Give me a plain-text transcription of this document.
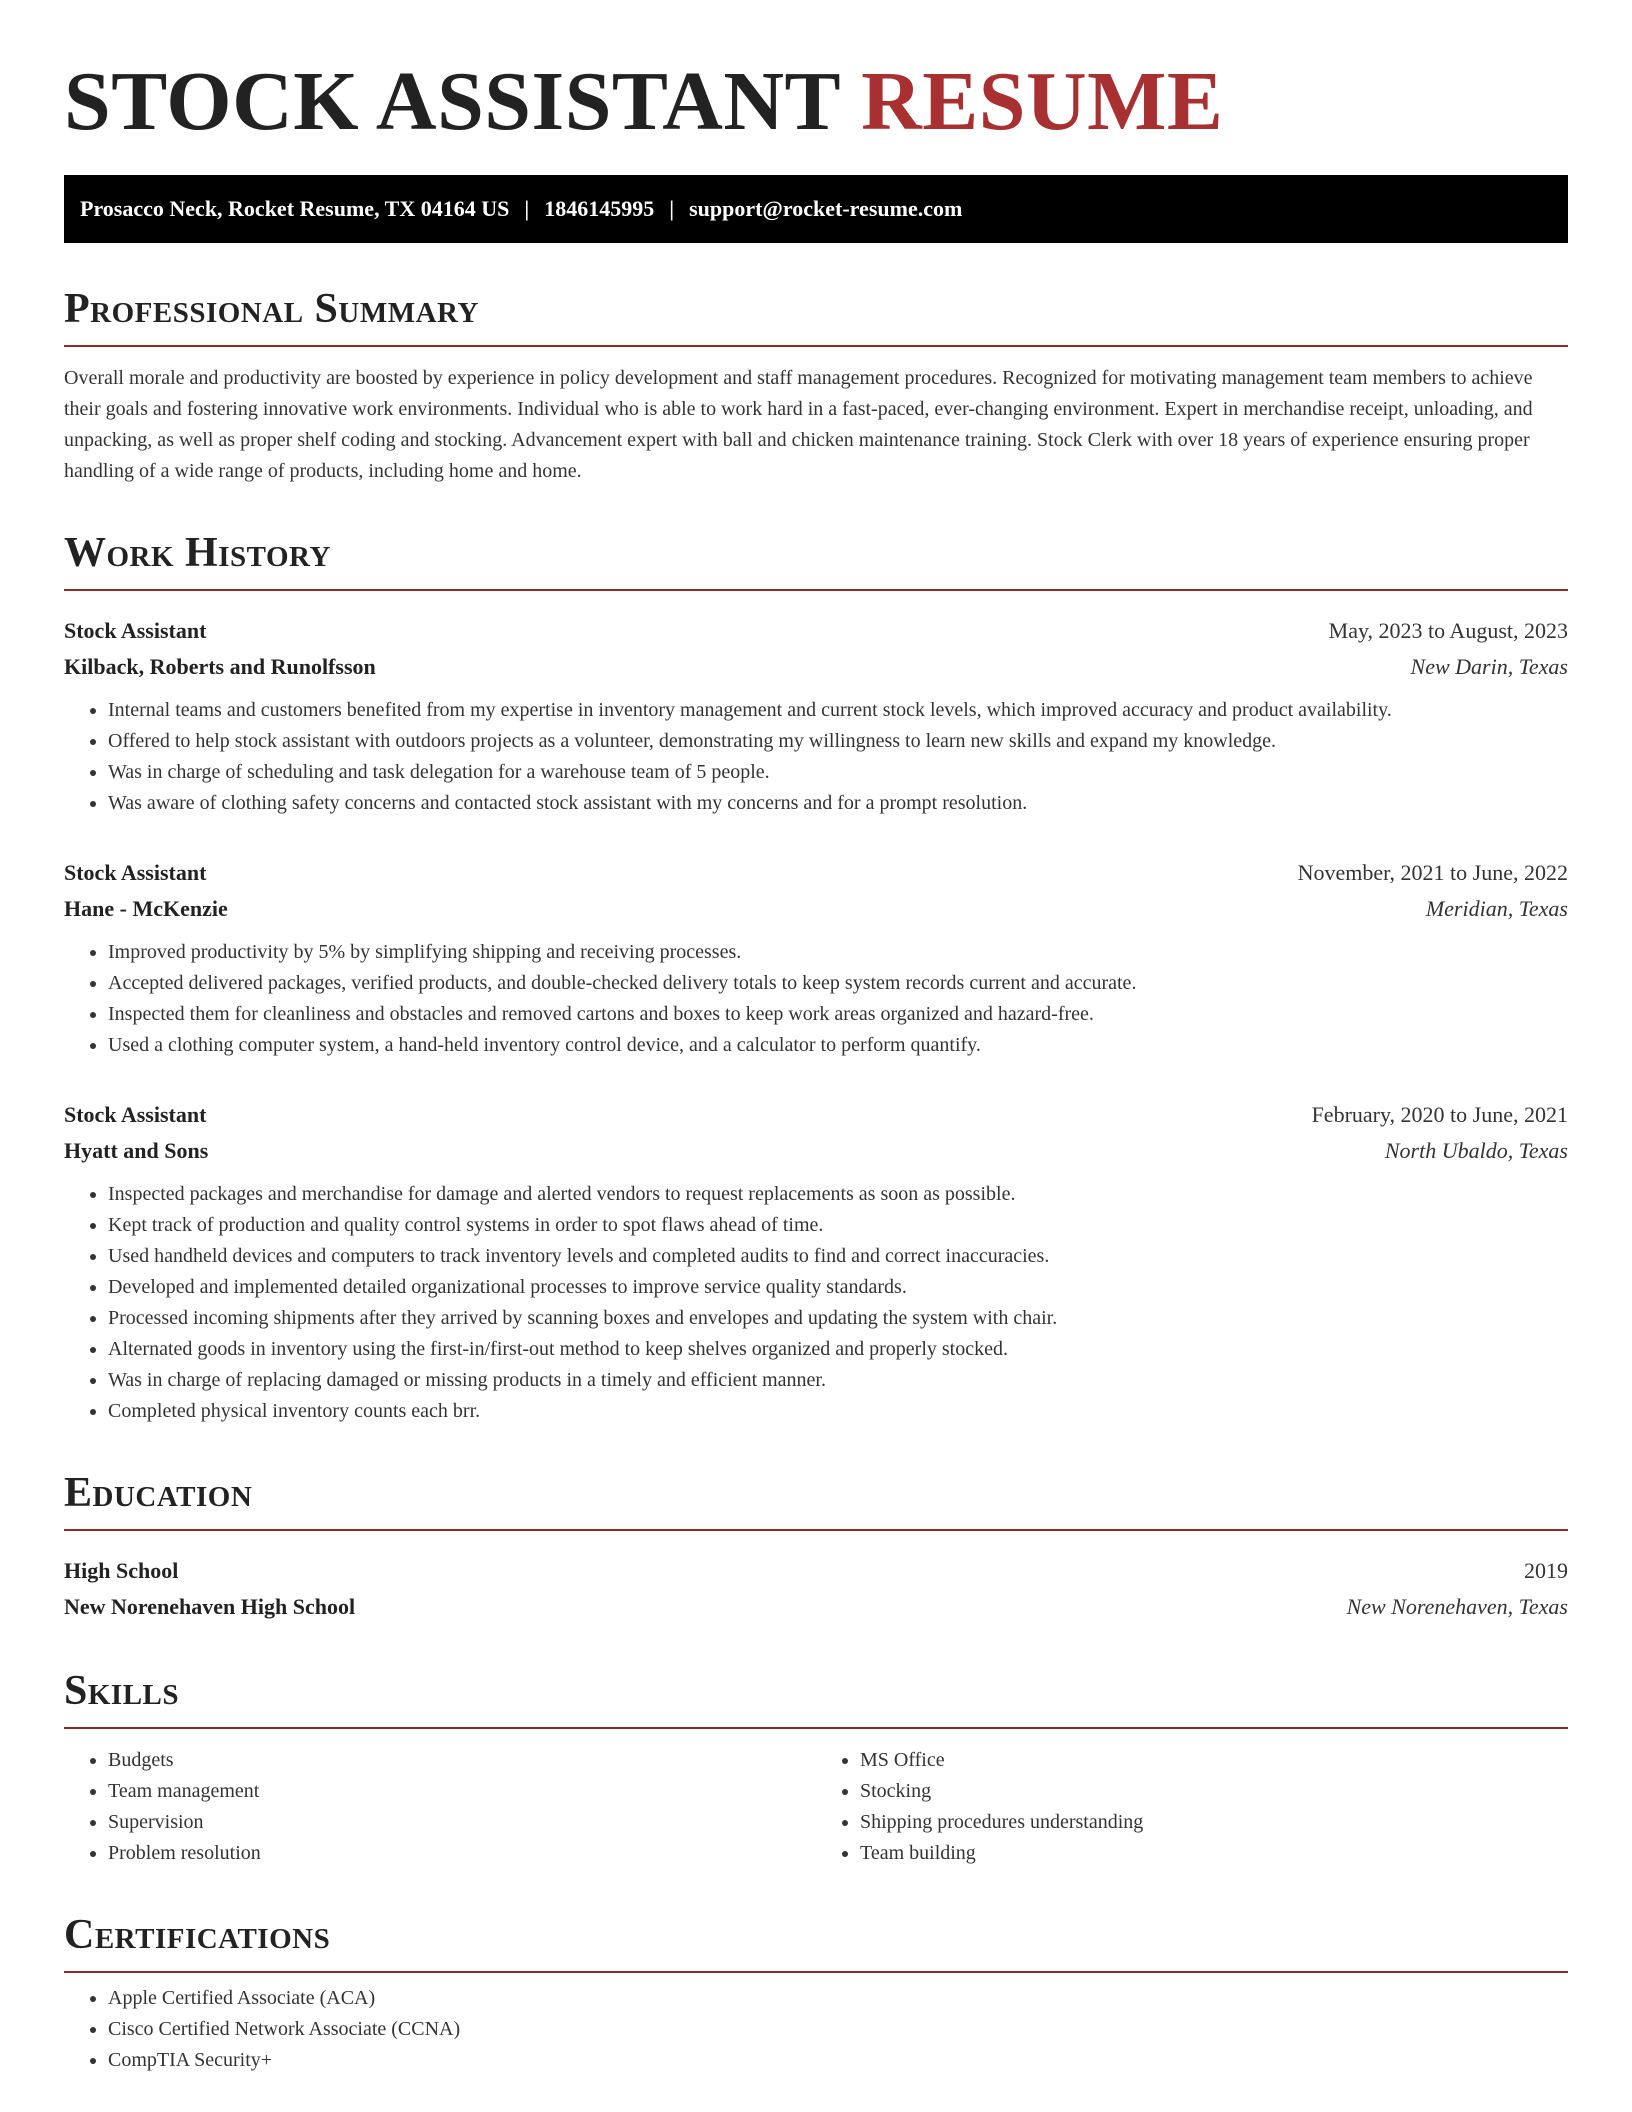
STOCK ASSISTANT RESUME
Prosacco Neck, Rocket Resume, TX 04164 US | 1846145995 | support@rocket-resume.com
Professional Summary
Overall morale and productivity are boosted by experience in policy development and staff management procedures. Recognized for motivating management team members to achieve their goals and fostering innovative work environments. Individual who is able to work hard in a fast-paced, ever-changing environment. Expert in merchandise receipt, unloading, and unpacking, as well as proper shelf coding and stocking. Advancement expert with ball and chicken maintenance training. Stock Clerk with over 18 years of experience ensuring proper handling of a wide range of products, including home and home.
Work History
Stock Assistant	May, 2023 to August, 2023
Kilback, Roberts and Runolfsson	New Darin, Texas
• Internal teams and customers benefited from my expertise in inventory management and current stock levels, which improved accuracy and product availability.
• Offered to help stock assistant with outdoors projects as a volunteer, demonstrating my willingness to learn new skills and expand my knowledge.
• Was in charge of scheduling and task delegation for a warehouse team of 5 people.
• Was aware of clothing safety concerns and contacted stock assistant with my concerns and for a prompt resolution.
Stock Assistant	November, 2021 to June, 2022
Hane - McKenzie	Meridian, Texas
• Improved productivity by 5% by simplifying shipping and receiving processes.
• Accepted delivered packages, verified products, and double-checked delivery totals to keep system records current and accurate.
• Inspected them for cleanliness and obstacles and removed cartons and boxes to keep work areas organized and hazard-free.
• Used a clothing computer system, a hand-held inventory control device, and a calculator to perform quantify.
Stock Assistant	February, 2020 to June, 2021
Hyatt and Sons	North Ubaldo, Texas
• Inspected packages and merchandise for damage and alerted vendors to request replacements as soon as possible.
• Kept track of production and quality control systems in order to spot flaws ahead of time.
• Used handheld devices and computers to track inventory levels and completed audits to find and correct inaccuracies.
• Developed and implemented detailed organizational processes to improve service quality standards.
• Processed incoming shipments after they arrived by scanning boxes and envelopes and updating the system with chair.
• Alternated goods in inventory using the first-in/first-out method to keep shelves organized and properly stocked.
• Was in charge of replacing damaged or missing products in a timely and efficient manner.
• Completed physical inventory counts each brr.
Education
High School	2019
New Norenehaven High School	New Norenehaven, Texas
Skills
• Budgets
• Team management
• Supervision
• Problem resolution
• MS Office
• Stocking
• Shipping procedures understanding
• Team building
Certifications
• Apple Certified Associate (ACA)
• Cisco Certified Network Associate (CCNA)
• CompTIA Security+
